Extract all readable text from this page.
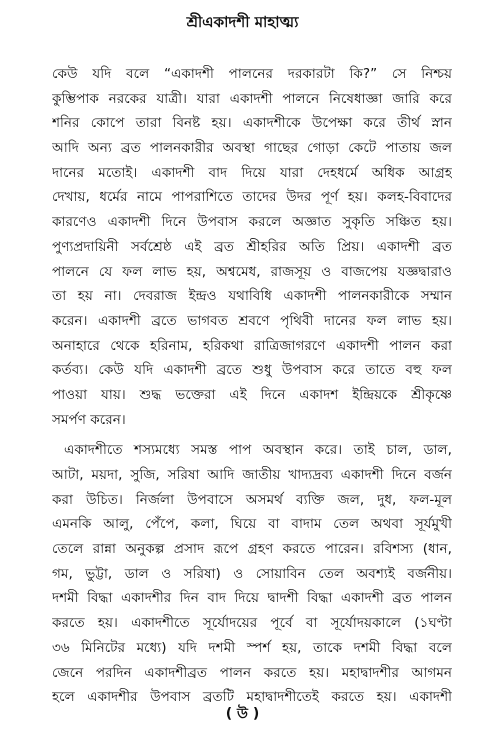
শ্রীএকাদশী মাহাত্ম্য
কেউ যদি বলে “একাদশী পালনের দরকারটা কি?” সে নিশ্চয়
কুম্ভিপাক নরকের যাত্রী। যারা একাদশী পালনে নিষেধাজ্ঞা জারি করে
শনির কোপে তারা বিনষ্ট হয়। একাদশীকে উপেক্ষা করে তীর্থ স্নান
আদি অন্য ব্রত পালনকারীর অবস্থা গাছের গোড়া কেটে পাতায় জল
দানের মতোই। একাদশী বাদ দিয়ে যারা দেহধর্মে অধিক আগ্রহ
দেখায়, ধর্মের নামে পাপরাশিতে তাদের উদর পূর্ণ হয়। কলহ-বিবাদের
কারণেও একাদশী দিনে উপবাস করলে অজ্ঞাত সুকৃতি সঞ্চিত হয়।
পুণ্যপ্রদায়িনী সর্বশ্রেষ্ঠ এই ব্রত শ্রীহরির অতি প্রিয়। একাদশী ব্রত
পালনে যে ফল লাভ হয়, অশ্বমেধ, রাজসূয় ও বাজপেয় যজ্ঞদ্বারাও
তা হয় না। দেবরাজ ইন্দ্রও যথাবিধি একাদশী পালনকারীকে সম্মান
করেন। একাদশী ব্রতে ভাগবত শ্রবণে পৃথিবী দানের ফল লাভ হয়।
অনাহারে থেকে হরিনাম, হরিকথা রাত্রিজাগরণে একাদশী পালন করা
কর্তব্য। কেউ যদি একাদশী ব্রতে শুধু উপবাস করে তাতে বহু ফল
পাওয়া যায়। শুদ্ধ ভক্তেরা এই দিনে একাদশ ইন্দ্রিয়কে শ্রীকৃষ্ণে
সমর্পণ করেন।
একাদশীতে শস্যমধ্যে সমস্ত পাপ অবস্থান করে। তাই চাল, ডাল,
আটা, ময়দা, সুজি, সরিষা আদি জাতীয় খাদ্যদ্রব্য একাদশী দিনে বর্জন
করা উচিত। নির্জলা উপবাসে অসমর্থ ব্যক্তি জল, দুধ, ফল-মূল
এমনকি আলু, পেঁপে, কলা, ঘিয়ে বা বাদাম তেল অথবা সূর্যমুখী
তেলে রান্না অনুকল্প প্রসাদ রূপে গ্রহণ করতে পারেন। রবিশস্য (ধান,
গম, ভুট্টা, ডাল ও সরিষা) ও সোয়াবিন তেল অবশ্যই বর্জনীয়।
দশমী বিদ্ধা একাদশীর দিন বাদ দিয়ে দ্বাদশী বিদ্ধা একাদশী ব্রত পালন
করতে হয়। একাদশীতে সূর্যোদয়ের পূর্বে বা সূর্যোদয়কালে (১ঘণ্টা
৩৬ মিনিটের মধ্যে) যদি দশমী স্পর্শ হয়, তাকে দশমী বিদ্ধা বলে
জেনে পরদিন একাদশীব্রত পালন করতে হয়। মহাদ্বাদশীর আগমন
হলে একাদশীর উপবাস ব্রতটি মহাদ্বাদশীতেই করতে হয়। একাদশী
( উ )
